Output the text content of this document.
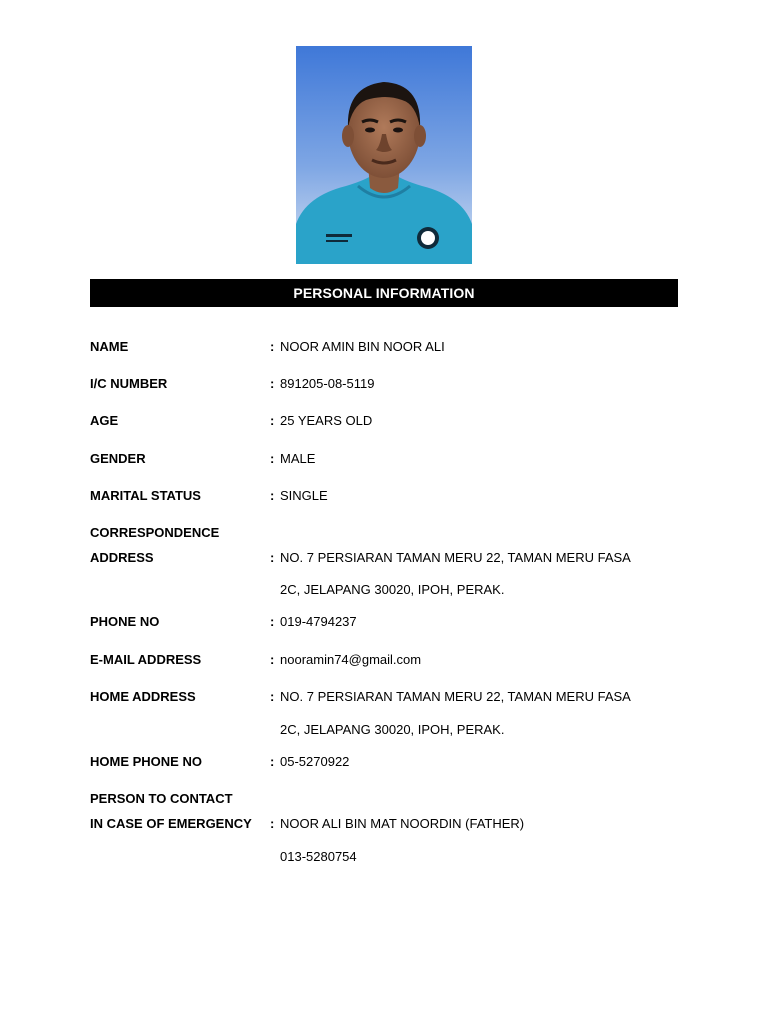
PERSONAL INFORMATION
NAME	: NOOR AMIN BIN NOOR ALI
I/C NUMBER	: 891205-08-5119
AGE	: 25 YEARS OLD
GENDER	: MALE
MARITAL STATUS	: SINGLE
CORRESPONDENCE
ADDRESS	: NO. 7 PERSIARAN TAMAN MERU 22, TAMAN MERU FASA
2C, JELAPANG 30020, IPOH, PERAK.
PHONE NO	: 019-4794237
E-MAIL ADDRESS	: nooramin74@gmail.com
HOME ADDRESS	: NO. 7 PERSIARAN TAMAN MERU 22, TAMAN MERU FASA
2C, JELAPANG 30020, IPOH, PERAK.
HOME PHONE NO	: 05-5270922
PERSON TO CONTACT
IN CASE OF EMERGENCY : NOOR ALI BIN MAT NOORDIN (FATHER)
013-5280754
